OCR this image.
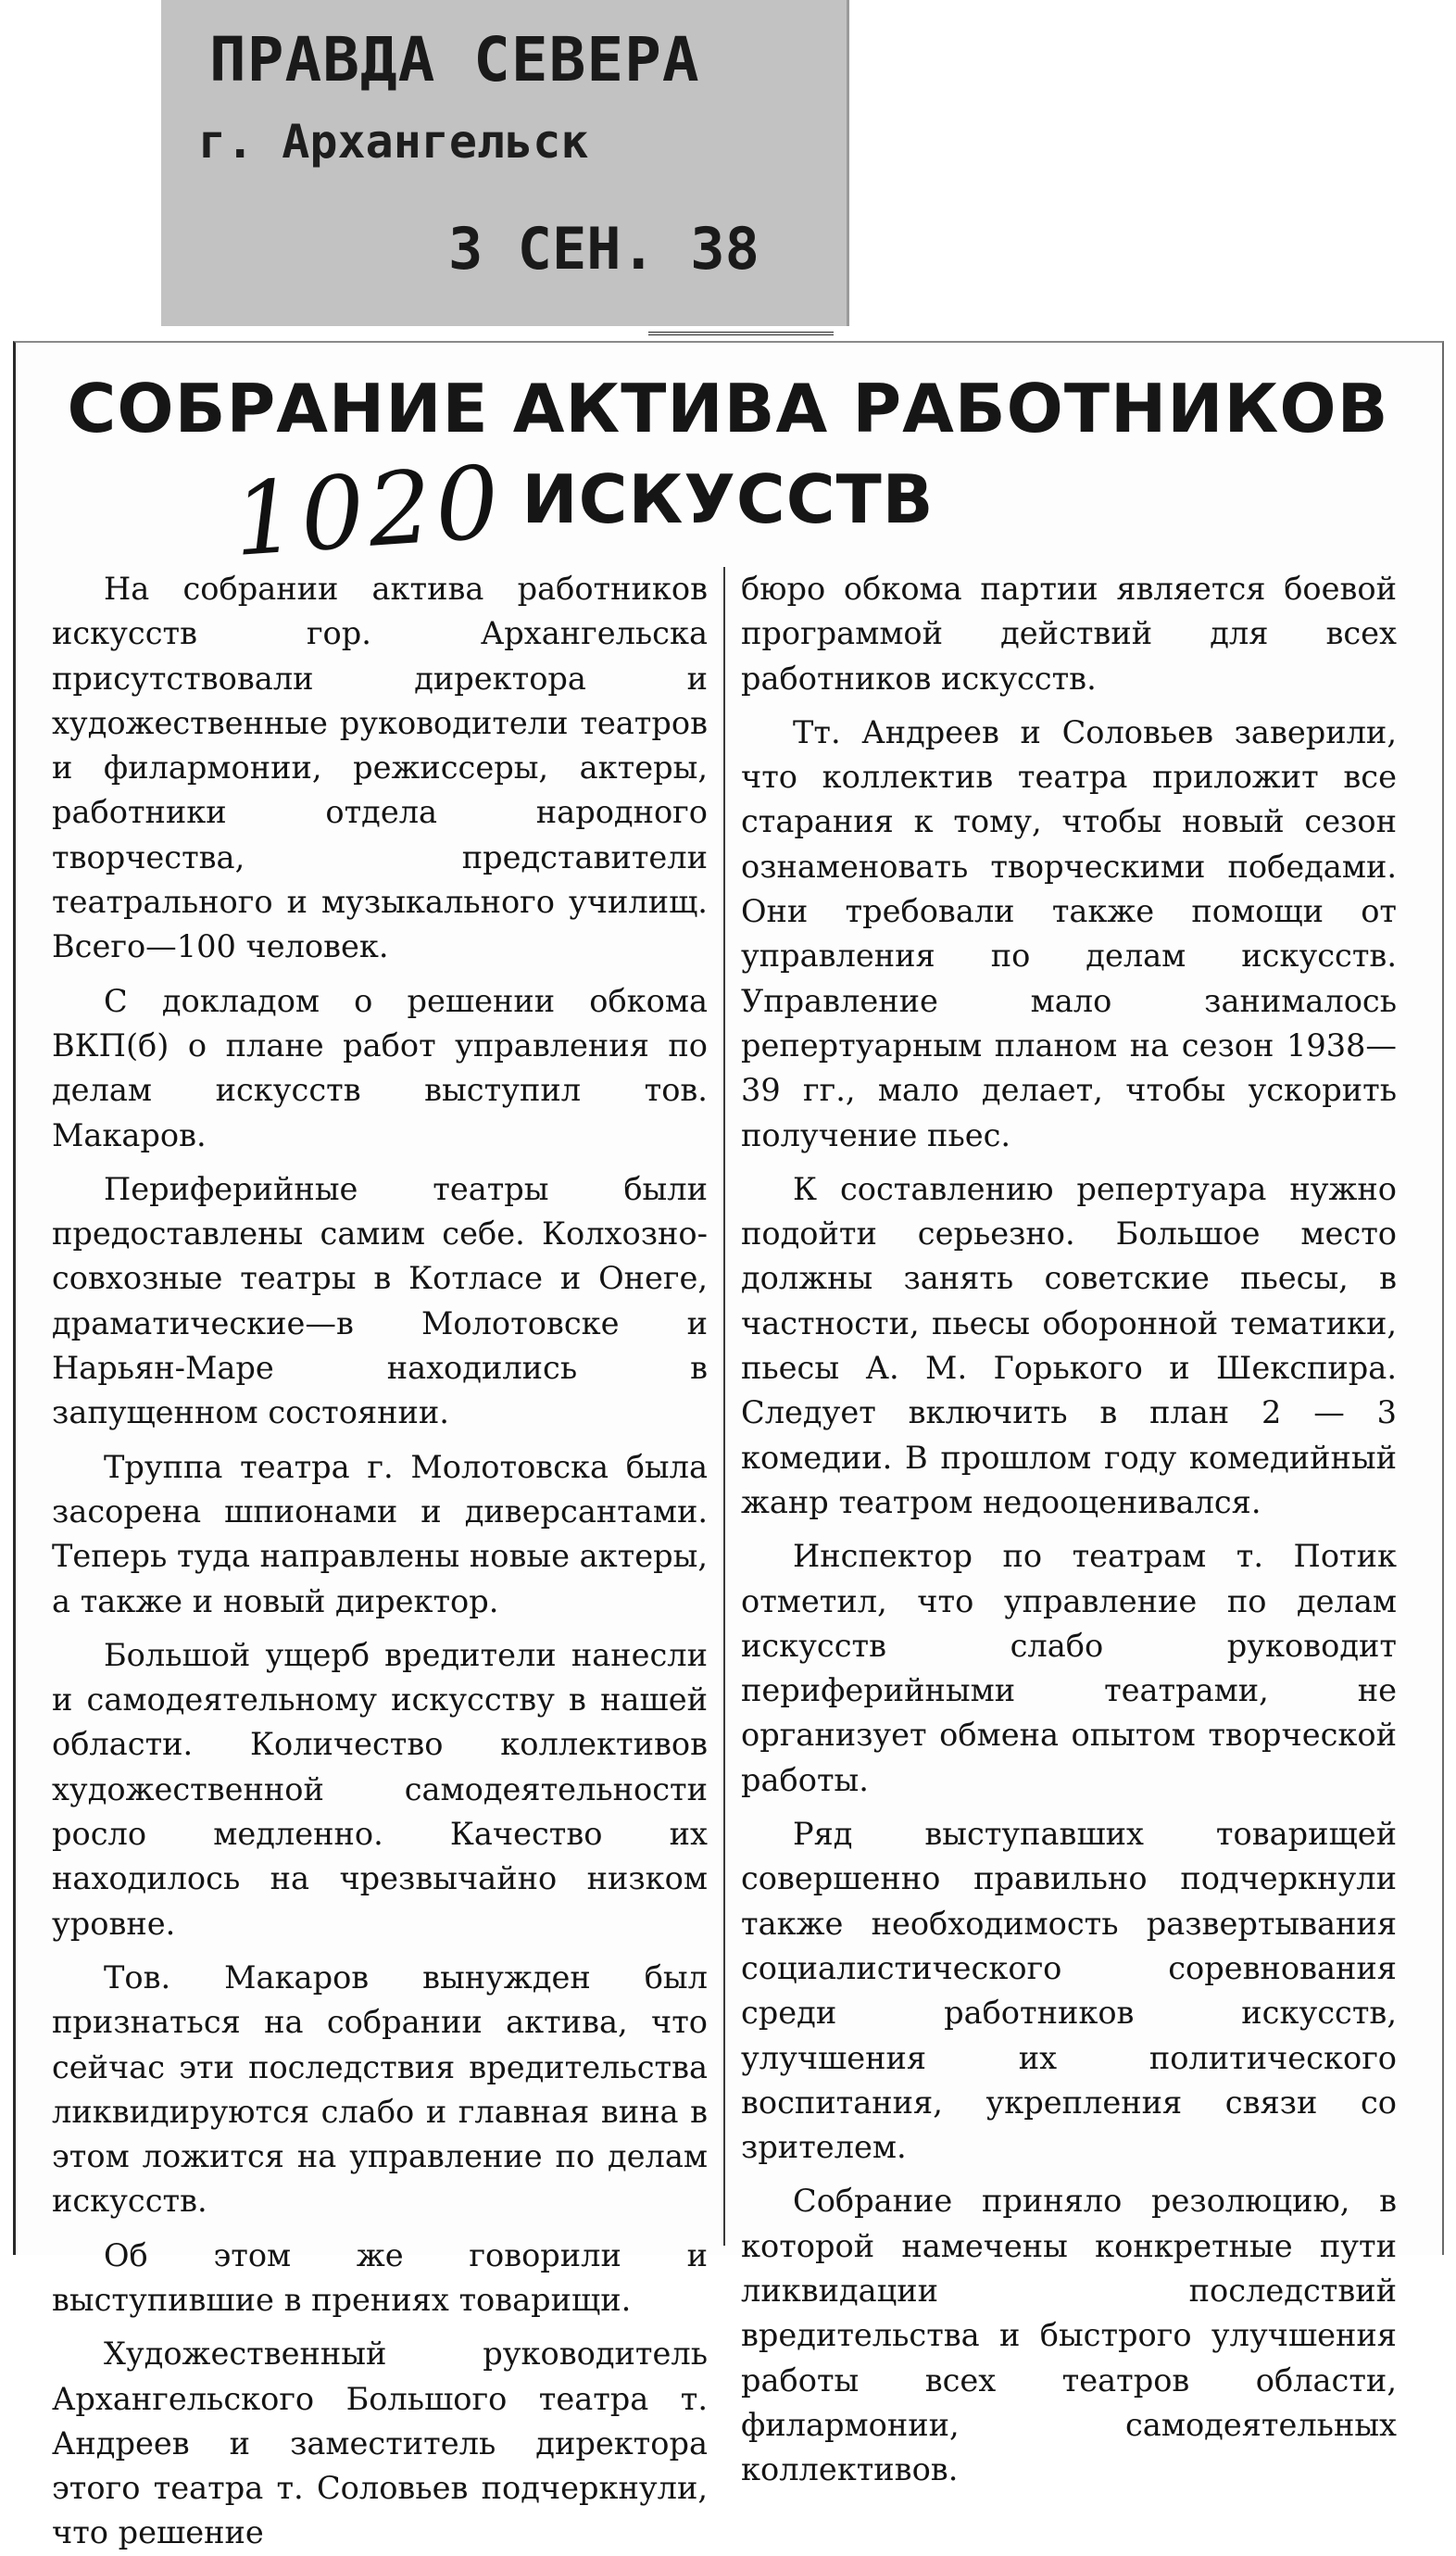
ПРАВДА СЕВЕРА
г. Архангельск
3 СЕН. 38
СОБРАНИЕ АКТИВА РАБОТНИКОВ
ИСКУССТВ
1020

На собрании актива работников искусств гор. Архангельска присутствовали директора и художественные руководители театров и филармонии, режиссеры, актеры, работники отдела народного творчества, представители театрального и музыкального училищ. Всего—100 человек.

С докладом о решении обкома ВКП(б) о плане работ управления по делам искусств выступил тов. Макаров.

Периферийные театры были предоставлены самим себе. Колхозно-совхозные театры в Котласе и Онеге, драматические—в Молотовске и Нарьян-Маре находились в запущенном состоянии.

Труппа театра г. Молотовска была засорена шпионами и диверсантами. Теперь туда направлены новые актеры, а также и новый директор.

Большой ущерб вредители нанесли и самодеятельному искусству в нашей области. Количество коллективов художественной самодеятельности росло медленно. Качество их находилось на чрезвычайно низком уровне.

Тов. Макаров вынужден был признаться на собрании актива, что сейчас эти последствия вредительства ликвидируются слабо и главная вина в этом ложится на управление по делам искусств.

Об этом же говорили и выступившие в прениях товарищи.

Художественный руководитель Архангельского Большого театра т. Андреев и заместитель директора этого театра т. Соловьев подчеркнули, что решение

бюро обкома партии является боевой программой действий для всех работников искусств.

Тт. Андреев и Соловьев заверили, что коллектив театра приложит все старания к тому, чтобы новый сезон ознаменовать творческими победами. Они требовали также помощи от управления по делам искусств. Управление мало занималось репертуарным планом на сезон 1938—39 гг., мало делает, чтобы ускорить получение пьес.

К составлению репертуара нужно подойти серьезно. Большое место должны занять советские пьесы, в частности, пьесы оборонной тематики, пьесы А. М. Горького и Шекспира. Следует включить в план 2 — 3 комедии. В прошлом году комедийный жанр театром недооценивался.

Инспектор по театрам т. Потик отметил, что управление по делам искусств слабо руководит периферийными театрами, не организует обмена опытом творческой работы.

Ряд выступавших товарищей совершенно правильно подчеркнули также необходимость развертывания социалистического соревнования среди работников искусств, улучшения их политического воспитания, укрепления связи со зрителем.

Собрание приняло резолюцию, в которой намечены конкретные пути ликвидации последствий вредительства и быстрого улучшения работы всех театров области, филармонии, самодеятельных коллективов.
